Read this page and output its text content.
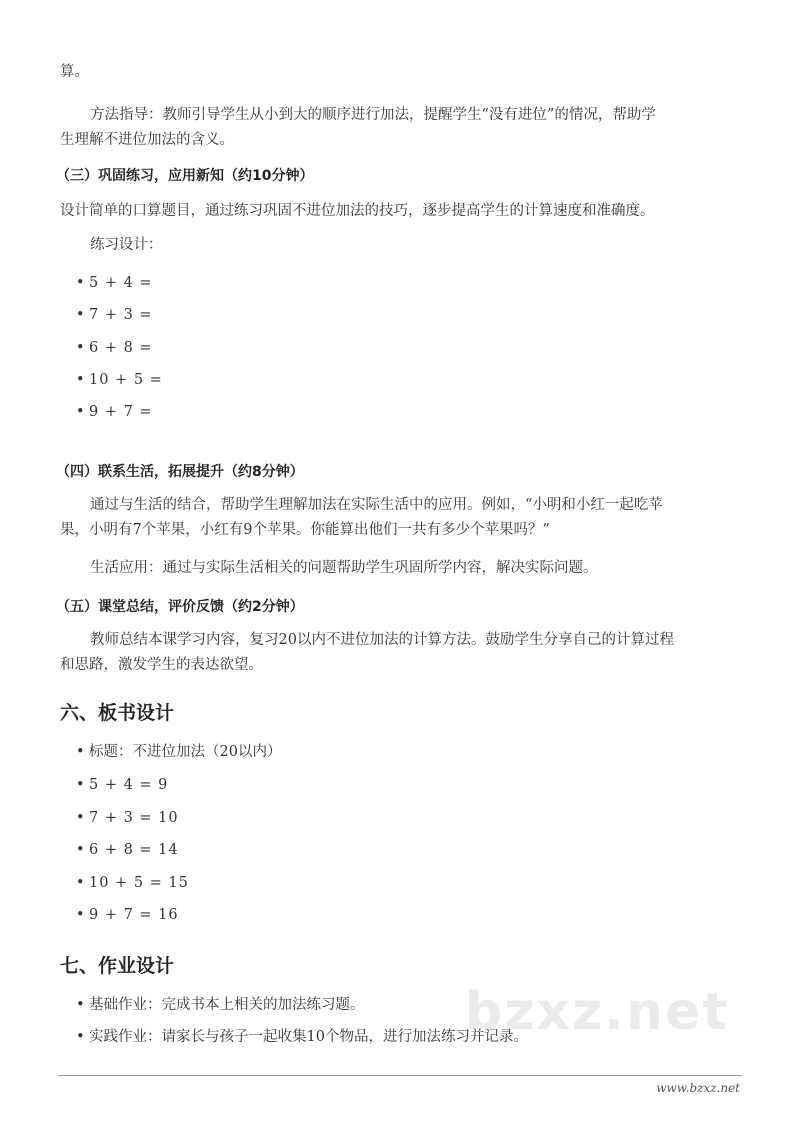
bzxz.net
算。
方法指导：教师引导学生从小到大的顺序进行加法，提醒学生“没有进位”的情况，帮助学
生理解不进位加法的含义。
（三）巩固练习，应用新知（约10分钟）
设计简单的口算题目，通过练习巩固不进位加法的技巧，逐步提高学生的计算速度和准确度。
练习设计：
• 5 + 4 =
• 7 + 3 =
• 6 + 8 =
• 10 + 5 =
• 9 + 7 =
（四）联系生活，拓展提升（约8分钟）
通过与生活的结合，帮助学生理解加法在实际生活中的应用。例如，“小明和小红一起吃苹
果，小明有7个苹果，小红有9个苹果。你能算出他们一共有多少个苹果吗？”
生活应用：通过与实际生活相关的问题帮助学生巩固所学内容，解决实际问题。
（五）课堂总结，评价反馈（约2分钟）
教师总结本课学习内容，复习20以内不进位加法的计算方法。鼓励学生分享自己的计算过程
和思路，激发学生的表达欲望。
六、板书设计
• 标题：不进位加法（20以内）
• 5 + 4 = 9
• 7 + 3 = 10
• 6 + 8 = 14
• 10 + 5 = 15
• 9 + 7 = 16
七、作业设计
• 基础作业：完成书本上相关的加法练习题。
• 实践作业：请家长与孩子一起收集10个物品，进行加法练习并记录。
www.bzxz.net
